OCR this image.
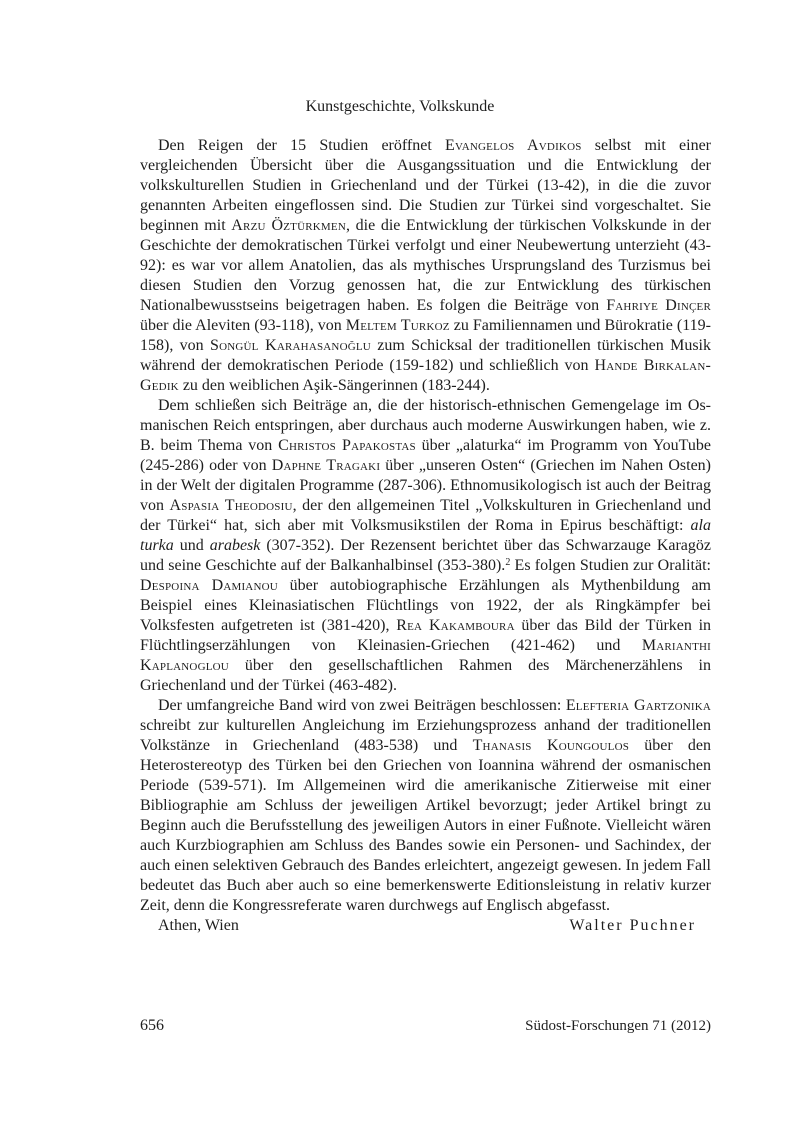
Kunstgeschichte, Volkskunde

Den Reigen der 15 Studien eröffnet Evangelos Avdikos selbst mit einer vergleichenden Übersicht über die Ausgangssituation und die Entwicklung der volkskulturellen Studien in Griechenland und der Türkei (13-42), in die die zuvor genannten Arbeiten eingeflossen sind. Die Studien zur Türkei sind vorgeschaltet. Sie beginnen mit Arzu Öztürkmen, die die Entwicklung der türkischen Volkskunde in der Geschichte der demokratischen Türkei verfolgt und einer Neubewertung unterzieht (43-92): es war vor allem Anatolien, das als mythisches Ursprungsland des Turzismus bei diesen Studien den Vorzug genossen hat, die zur Entwicklung des türkischen Nationalbewusstseins beigetragen haben. Es folgen die Beiträge von Fahriye Dinçer über die Aleviten (93-118), von Meltem Turkoz zu Familiennamen und Bürokratie (119-158), von Songül Karahasanoğlu zum Schicksal der traditionellen türkischen Musik während der demokratischen Periode (159-182) und schließlich von Hande Birkalan-Gedik zu den weiblichen Aşik-Sängerinnen (183-244).

Dem schließen sich Beiträge an, die der historisch-ethnischen Gemengelage im Osmanischen Reich entspringen, aber durchaus auch moderne Auswirkungen haben, wie z. B. beim Thema von Christos Papakostas über „alaturka“ im Programm von YouTube (245-286) oder von Daphne Tragaki über „unseren Osten“ (Griechen im Nahen Osten) in der Welt der digitalen Programme (287-306). Ethnomusikologisch ist auch der Beitrag von Aspasia Theodosiu, der den allgemeinen Titel „Volkskulturen in Griechenland und der Türkei“ hat, sich aber mit Volksmusikstilen der Roma in Epirus beschäftigt: ala turka und arabesk (307-352). Der Rezensent berichtet über das Schwarzauge Karagöz und seine Geschichte auf der Balkanhalbinsel (353-380).$^2$ Es folgen Studien zur Oralität: Despoina Damianou über autobiographische Erzählungen als Mythenbildung am Beispiel eines Kleinasiatischen Flüchtlings von 1922, der als Ringkämpfer bei Volksfesten aufgetreten ist (381-420), Rea Kakamboura über das Bild der Türken in Flüchtlingserzählungen von Kleinasien-Griechen (421-462) und Marianthi Kaplanoglou über den gesellschaftlichen Rahmen des Märchenerzählens in Griechenland und der Türkei (463-482).

Der umfangreiche Band wird von zwei Beiträgen beschlossen: Elefteria Gartzonika schreibt zur kulturellen Angleichung im Erziehungsprozess anhand der traditionellen Volkstänze in Griechenland (483-538) und Thanasis Koungoulos über den Heterostereotyp des Türken bei den Griechen von Ioannina während der osmanischen Periode (539-571). Im Allgemeinen wird die amerikanische Zitierweise mit einer Bibliographie am Schluss der jeweiligen Artikel bevorzugt; jeder Artikel bringt zu Beginn auch die Berufsstellung des jeweiligen Autors in einer Fußnote. Vielleicht wären auch Kurzbiographien am Schluss des Bandes sowie ein Personen- und Sachindex, der auch einen selektiven Gebrauch des Bandes erleichtert, angezeigt gewesen. In jedem Fall bedeutet das Buch aber auch so eine bemerkenswerte Editionsleistung in relativ kurzer Zeit, denn die Kongressreferate waren durchwegs auf Englisch abgefasst.

Athen, Wien	Walter Puchner
656	Südost-Forschungen 71 (2012)
